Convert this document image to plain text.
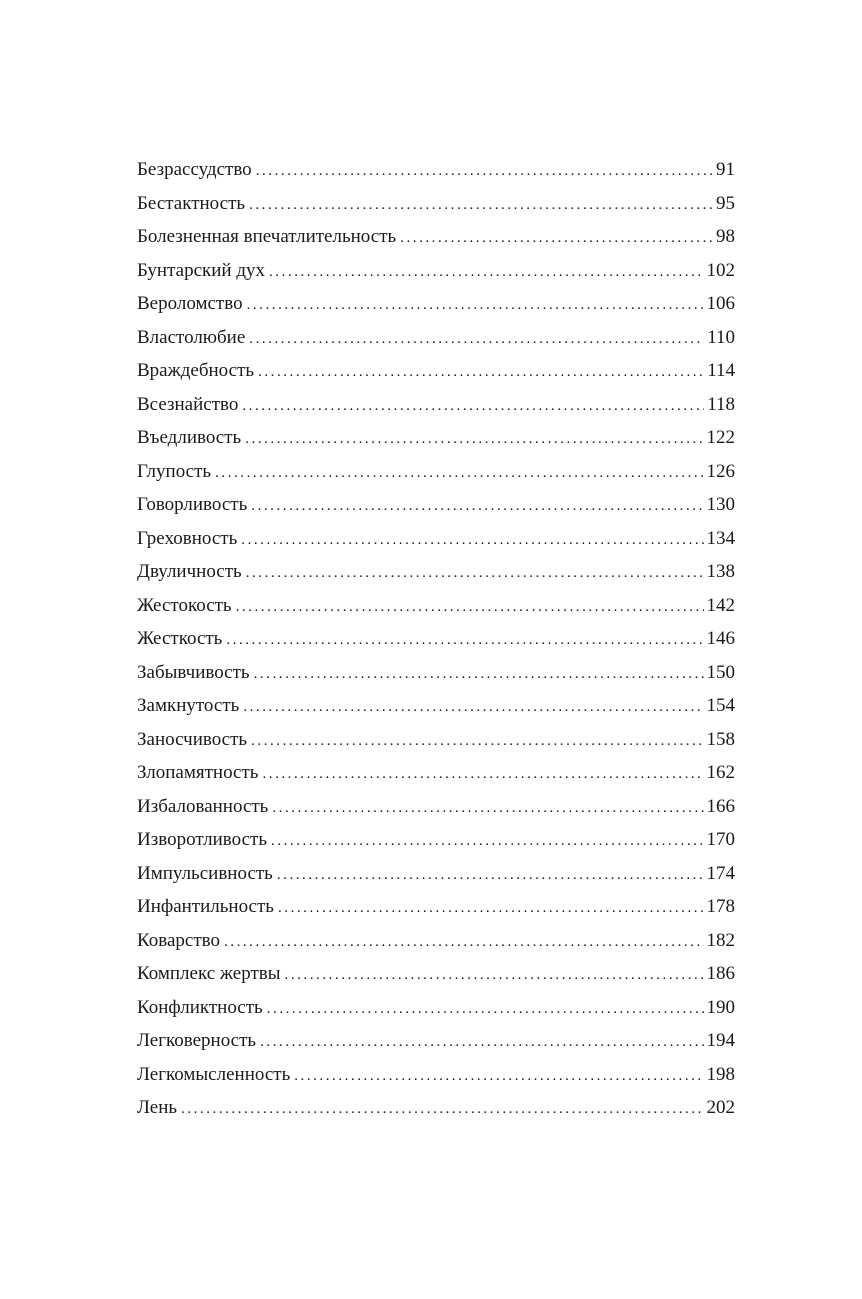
Безрассудство . . .	91
Бестактность . . .	95
Болезненная впечатлительность . . .	98
Бунтарский дух . . .	102
Вероломство . . .	106
Властолюбие . . .	110
Враждебность . . .	114
Всезнайство . . .	118
Въедливость . . .	122
Глупость . . .	126
Говорливость . . .	130
Греховность . . .	134
Двуличность . . .	138
Жестокость . . .	142
Жесткость . . .	146
Забывчивость . . .	150
Замкнутость . . .	154
Заносчивость . . .	158
Злопамятность . . .	162
Избалованность . . .	166
Изворотливость . . .	170
Импульсивность . . .	174
Инфантильность . . .	178
Коварство . . .	182
Комплекс жертвы . . .	186
Конфликтность . . .	190
Легковерность . . .	194
Легкомысленность . . .	198
Лень . . .	202
